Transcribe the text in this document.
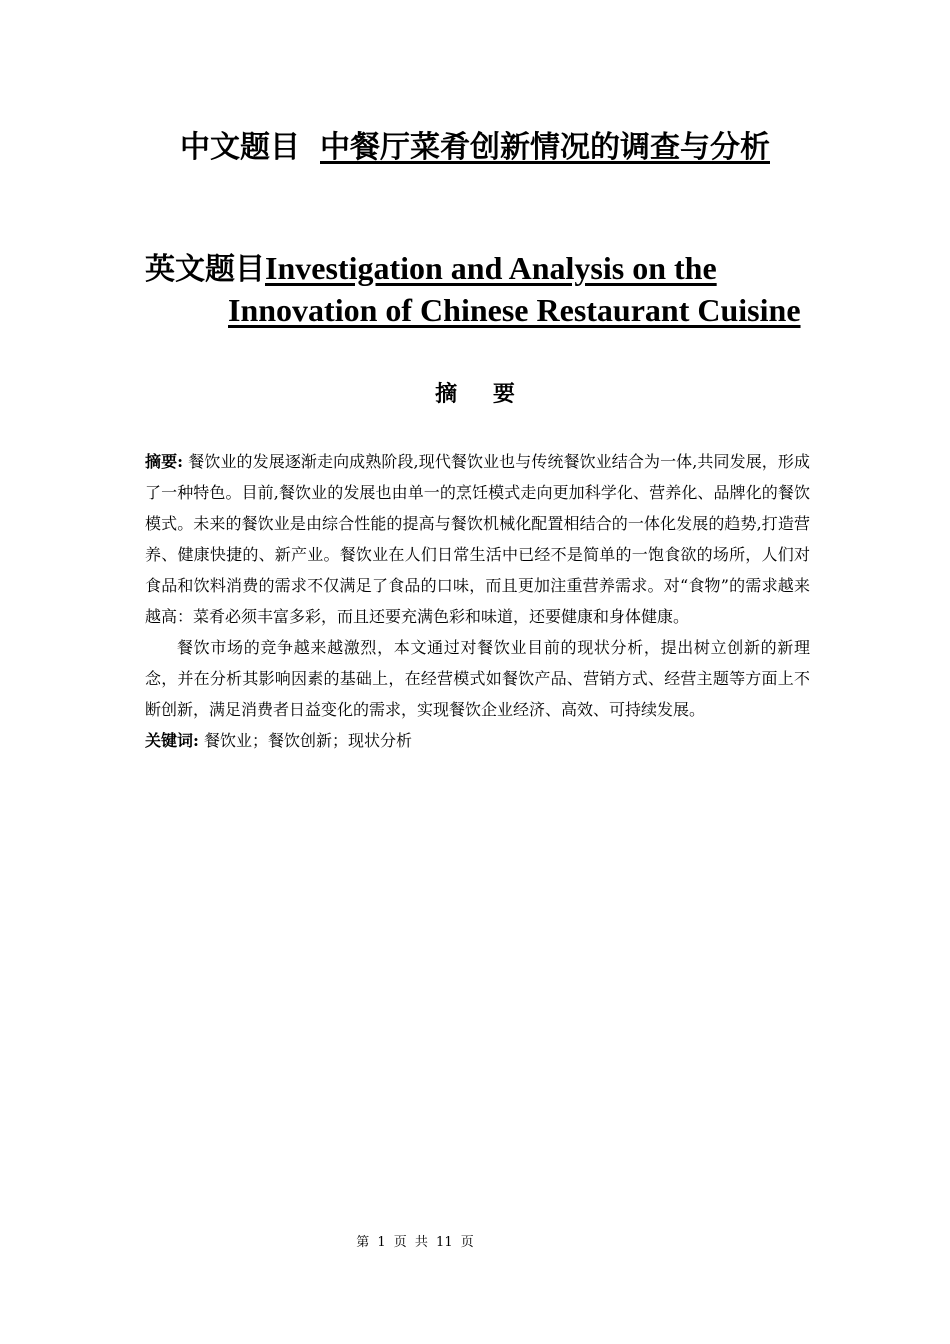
中文题目 中餐厅菜肴创新情况的调查与分析
英文题目Investigation and Analysis on the
Innovation of Chinese Restaurant Cuisine
摘 要

摘要: 餐饮业的发展逐渐走向成熟阶段,现代餐饮业也与传统餐饮业结合为一体,共同发展，形成了一种特色。目前,餐饮业的发展也由单一的烹饪模式走向更加科学化、营养化、品牌化的餐饮模式。未来的餐饮业是由综合性能的提高与餐饮机械化配置相结合的一体化发展的趋势,打造营养、健康快捷的、新产业。餐饮业在人们日常生活中已经不是简单的一饱食欲的场所，人们对食品和饮料消费的需求不仅满足了食品的口味，而且更加注重营养需求。对“食物”的需求越来越高：菜肴必须丰富多彩，而且还要充满色彩和味道，还要健康和身体健康。

餐饮市场的竞争越来越激烈，本文通过对餐饮业目前的现状分析，提出树立创新的新理念，并在分析其影响因素的基础上，在经营模式如餐饮产品、营销方式、经营主题等方面上不断创新，满足消费者日益变化的需求，实现餐饮企业经济、高效、可持续发展。

关键词: 餐饮业；餐饮创新；现状分析

第 1 页 共 11 页
